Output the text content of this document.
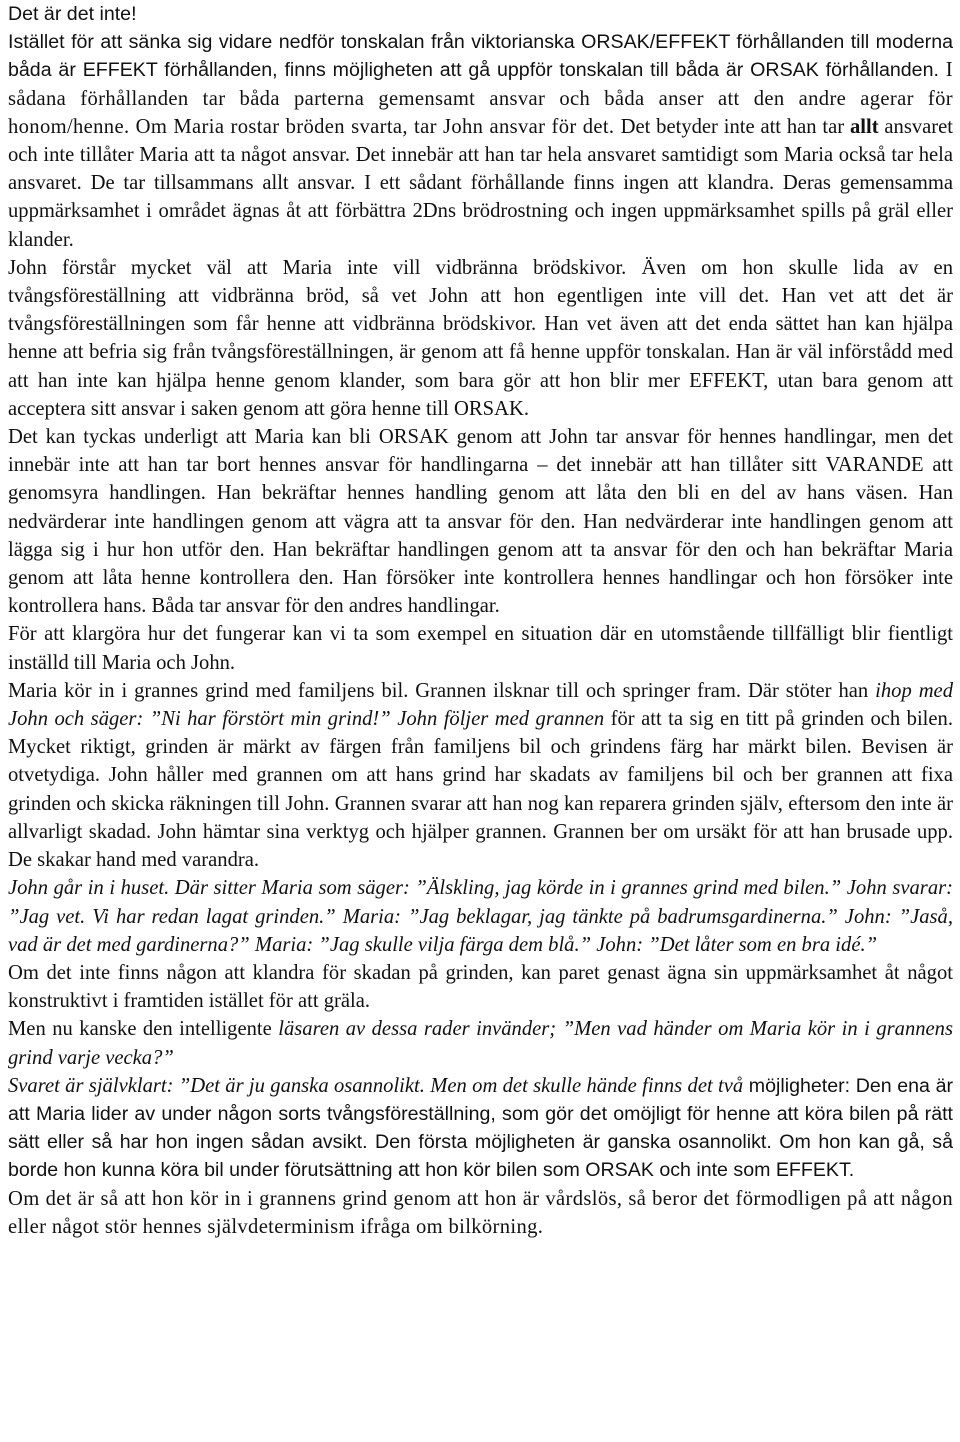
Det är det inte!

Istället för att sänka sig vidare nedför tonskalan från viktorianska ORSAK/EFFEKT förhållanden till moderna båda är EFFEKT förhållanden, finns möjligheten att gå uppför tonskalan till båda är ORSAK förhållanden. I sådana förhållanden tar båda parterna gemensamt ansvar och båda anser att den andre agerar för honom/henne. Om Maria rostar bröden svarta, tar John ansvar för det. Det betyder inte att han tar allt ansvaret och inte tillåter Maria att ta något ansvar. Det innebär att han tar hela ansvaret samtidigt som Maria också tar hela ansvaret. De tar tillsammans allt ansvar. I ett sådant förhållande finns ingen att klandra. Deras gemensamma uppmärksamhet i området ägnas åt att förbättra 2Dns brödrostning och ingen uppmärksamhet spills på gräl eller klander.

John förstår mycket väl att Maria inte vill vidbränna brödskivor. Även om hon skulle lida av en tvångsföreställning att vidbränna bröd, så vet John att hon egentligen inte vill det. Han vet att det är tvångsföreställningen som får henne att vidbränna brödskivor. Han vet även att det enda sättet han kan hjälpa henne att befria sig från tvångsföreställningen, är genom att få henne uppför tonskalan. Han är väl införstådd med att han inte kan hjälpa henne genom klander, som bara gör att hon blir mer EFFEKT, utan bara genom att acceptera sitt ansvar i saken genom att göra henne till ORSAK.

Det kan tyckas underligt att Maria kan bli ORSAK genom att John tar ansvar för hennes handlingar, men det innebär inte att han tar bort hennes ansvar för handlingarna – det innebär att han tillåter sitt VARANDE att genomsyra handlingen. Han bekräftar hennes handling genom att låta den bli en del av hans väsen. Han nedvärderar inte handlingen genom att vägra att ta ansvar för den. Han nedvärderar inte handlingen genom att lägga sig i hur hon utför den. Han bekräftar handlingen genom att ta ansvar för den och han bekräftar Maria genom att låta henne kontrollera den. Han försöker inte kontrollera hennes handlingar och hon försöker inte kontrollera hans. Båda tar ansvar för den andres handlingar.

För att klargöra hur det fungerar kan vi ta som exempel en situation där en utomstående tillfälligt blir fientligt inställd till Maria och John.

Maria kör in i grannes grind med familjens bil. Grannen ilsknar till och springer fram. Där stöter han ihop med John och säger: ”Ni har förstört min grind!” John följer med grannen för att ta sig en titt på grinden och bilen. Mycket riktigt, grinden är märkt av färgen från familjens bil och grindens färg har märkt bilen. Bevisen är otvetydiga. John håller med grannen om att hans grind har skadats av familjens bil och ber grannen att fixa grinden och skicka räkningen till John. Grannen svarar att han nog kan reparera grinden själv, eftersom den inte är allvarligt skadad. John hämtar sina verktyg och hjälper grannen. Grannen ber om ursäkt för att han brusade upp. De skakar hand med varandra.

John går in i huset. Där sitter Maria som säger: ”Älskling, jag körde in i grannes grind med bilen.” John svarar: ”Jag vet. Vi har redan lagat grinden.” Maria: ”Jag beklagar, jag tänkte på badrumsgardinerna.” John: ”Jaså, vad är det med gardinerna?” Maria: ”Jag skulle vilja färga dem blå.” John: ”Det låter som en bra idé.”

Om det inte finns någon att klandra för skadan på grinden, kan paret genast ägna sin uppmärksamhet åt något konstruktivt i framtiden istället för att gräla.

Men nu kanske den intelligente läsaren av dessa rader invänder; ”Men vad händer om Maria kör in i grannens grind varje vecka?”

Svaret är självklart: ”Det är ju ganska osannolikt. Men om det skulle hände finns det två möjligheter: Den ena är att Maria lider av under någon sorts tvångsföreställning, som gör det omöjligt för henne att köra bilen på rätt sätt eller så har hon ingen sådan avsikt. Den första möjligheten är ganska osannolikt. Om hon kan gå, så borde hon kunna köra bil under förutsättning att hon kör bilen som ORSAK och inte som EFFEKT.

Om det är så att hon kör in i grannens grind genom att hon är vårdslös, så beror det förmodligen på att någon eller något stör hennes självdeterminism ifråga om bilkörning.
